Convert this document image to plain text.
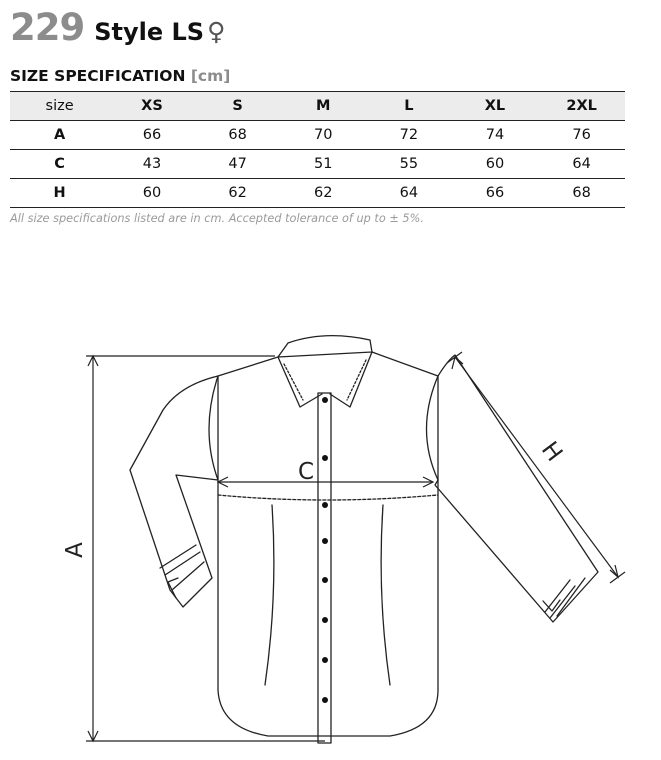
229 Style LS ♀
SIZE SPECIFICATION [cm]
size	XS	S	M	L	XL	2XL
A	66	68	70	72	74	76
C	43	47	51	55	60	64
H	60	62	62	64	66	68
All size specifications listed are in cm. Accepted tolerance of up to ± 5%.
A
C
H
